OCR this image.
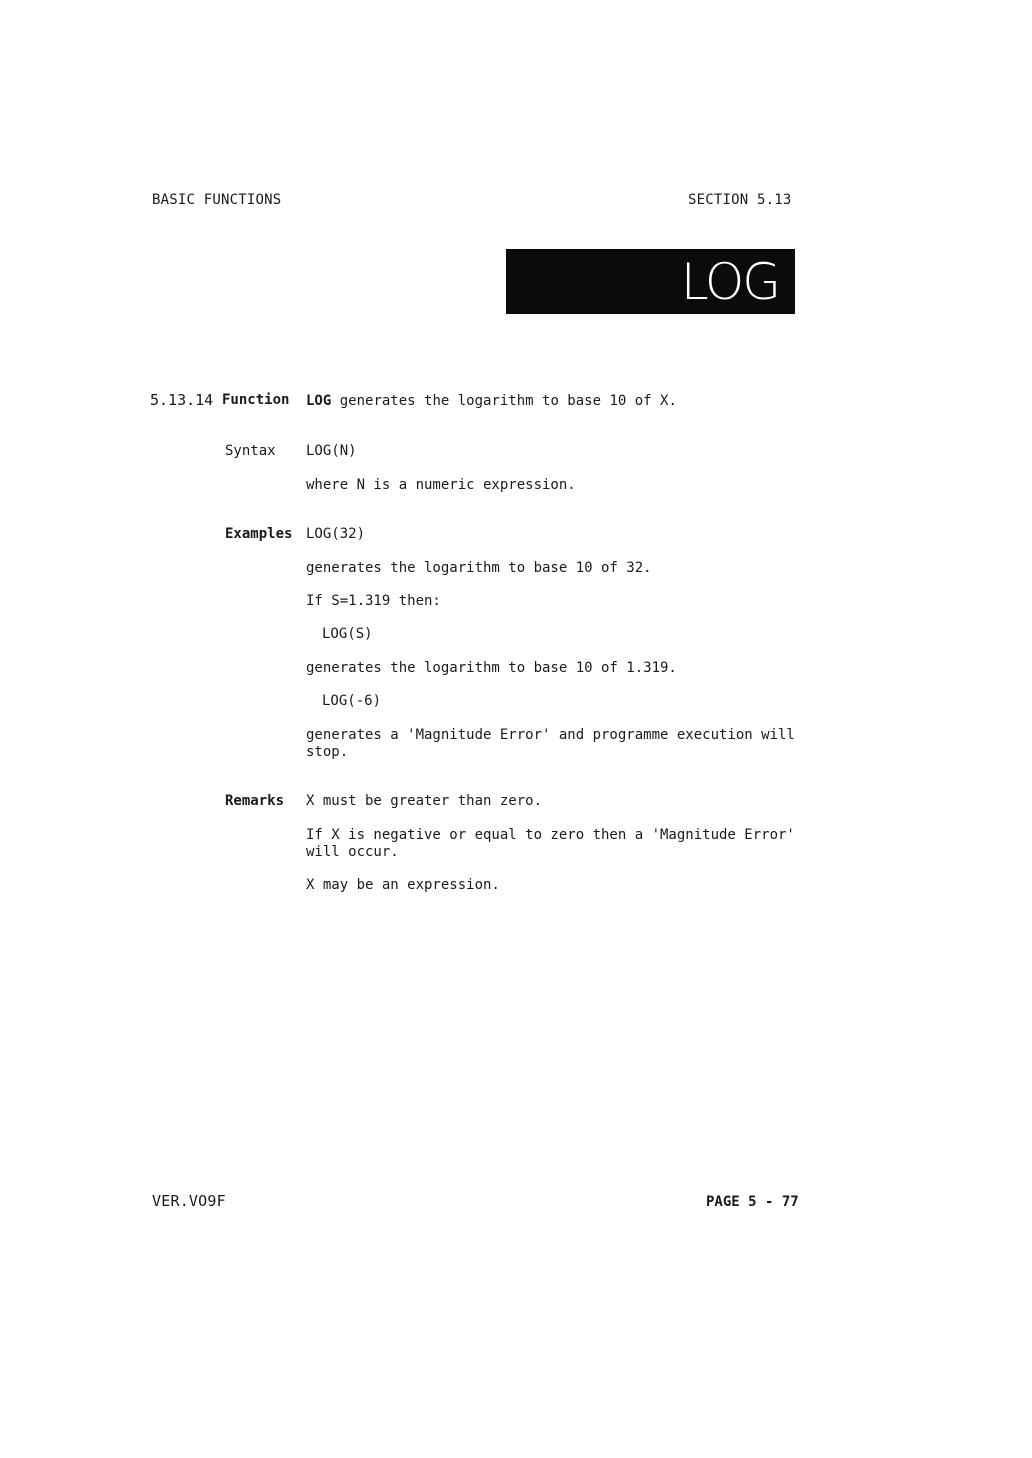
BASIC FUNCTIONS	SECTION 5.13
LOG
5.13.14 Function LOG generates the logarithm to base 10 of X.
Syntax LOG(N)
where N is a numeric expression.
Examples LOG(32)
generates the logarithm to base 10 of 32.
If S=1.319 then:
LOG(S)
generates the logarithm to base 10 of 1.319.
LOG(-6)
generates a 'Magnitude Error' and programme execution will stop.
Remarks X must be greater than zero.
If X is negative or equal to zero then a 'Magnitude Error' will occur.
X may be an expression.
VER.VO9F	PAGE 5 - 77
